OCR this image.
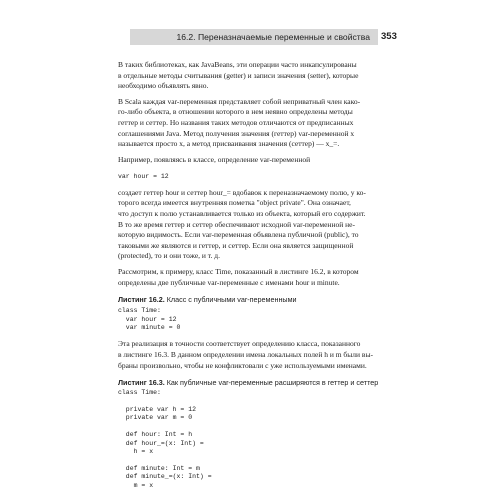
16.2. Переназначаемые переменные и свойства	353
В таких библиотеках, как JavaBeans, эти операции часто инкапсулированы
в отдельные методы считывания (getter) и записи значения (setter), которые
необходимо объявлять явно.
В Scala каждая var-переменная представляет собой неприватный член како-
го-либо объекта, в отношении которого в нем неявно определены методы
геттер и сеттер. Но названия таких методов отличаются от предписанных
соглашениями Java. Метод получения значения (геттер) var-переменной x
называется просто x, а метод присваивания значения (сеттер) — x_=.
Например, появляясь в классе, определение var-переменной
var hour = 12
создает геттер hour и сеттер hour_= вдобавок к переназначаемому полю, у ко-
торого всегда имеется внутренняя пометка "object private". Она означает,
что доступ к полю устанавливается только из объекта, который его содержит.
В то же время геттер и сеттер обеспечивают исходной var-переменной не-
которую видимость. Если var-переменная объявлена публичной (public), то
таковыми же являются и геттер, и сеттер. Если она является защищенной
(protected), то и они тоже, и т. д.
Рассмотрим, к примеру, класс Time, показанный в листинге 16.2, в котором
определены две публичные var-переменные с именами hour и minute.
Листинг 16.2. Класс с публичными var-переменными
class Time:
var hour = 12
var minute = 0
Эта реализация в точности соответствует определению класса, показанного
в листинге 16.3. В данном определении имена локальных полей h и m были вы-
браны произвольно, чтобы не конфликтовали с уже используемыми именами.
Листинг 16.3. Как публичные var-переменные расширяются в геттер и сеттер
class Time:

private var h = 12
private var m = 0

def hour: Int = h
def hour_=(x: Int) =
h = x

def minute: Int = m
def minute_=(x: Int) =
m = x
